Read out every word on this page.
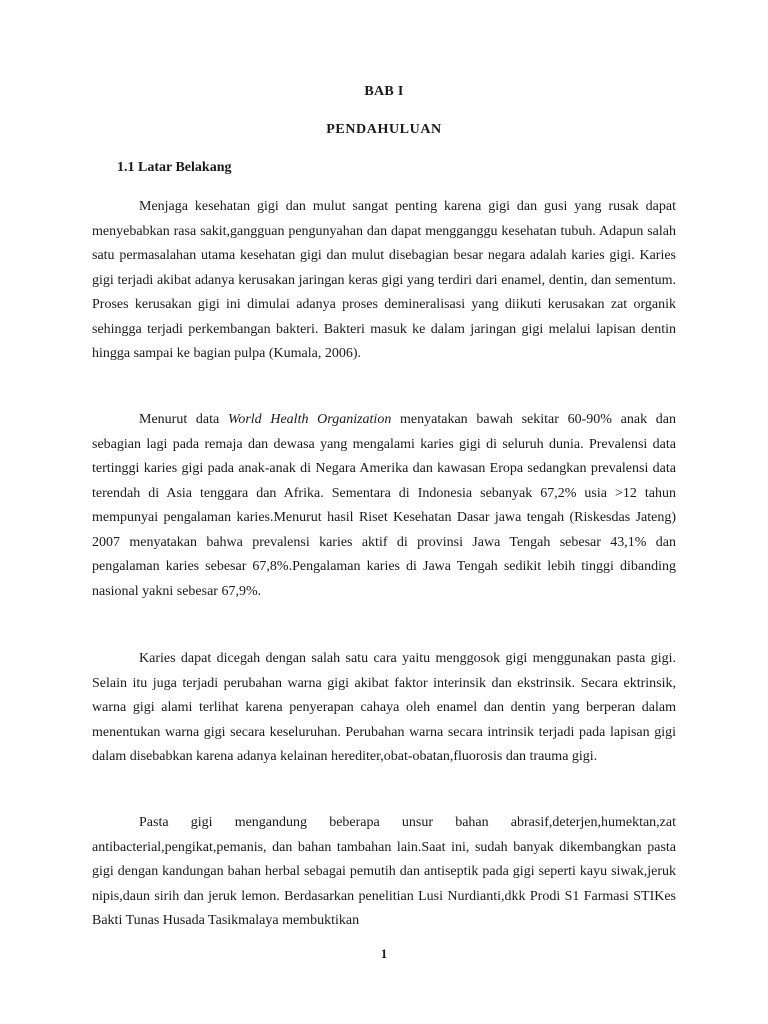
BAB I
PENDAHULUAN
1.1 Latar Belakang

Menjaga kesehatan gigi dan mulut sangat penting karena gigi dan gusi yang rusak dapat menyebabkan rasa sakit,gangguan pengunyahan dan dapat mengganggu kesehatan tubuh. Adapun salah satu permasalahan utama kesehatan gigi dan mulut disebagian besar negara adalah karies gigi. Karies gigi terjadi akibat adanya kerusakan jaringan keras gigi yang terdiri dari enamel, dentin, dan sementum. Proses kerusakan gigi ini dimulai adanya proses demineralisasi yang diikuti kerusakan zat organik sehingga terjadi perkembangan bakteri. Bakteri masuk ke dalam jaringan gigi melalui lapisan dentin hingga sampai ke bagian pulpa (Kumala, 2006).

Menurut data World Health Organization menyatakan bawah sekitar 60-90% anak dan sebagian lagi pada remaja dan dewasa yang mengalami karies gigi di seluruh dunia. Prevalensi data tertinggi karies gigi pada anak-anak di Negara Amerika dan kawasan Eropa sedangkan prevalensi data terendah di Asia tenggara dan Afrika. Sementara di Indonesia sebanyak 67,2% usia >12 tahun mempunyai pengalaman karies.Menurut hasil Riset Kesehatan Dasar jawa tengah (Riskesdas Jateng) 2007 menyatakan bahwa prevalensi karies aktif di provinsi Jawa Tengah sebesar 43,1% dan pengalaman karies sebesar 67,8%.Pengalaman karies di Jawa Tengah sedikit lebih tinggi dibanding nasional yakni sebesar 67,9%.

Karies dapat dicegah dengan salah satu cara yaitu menggosok gigi menggunakan pasta gigi. Selain itu juga terjadi perubahan warna gigi akibat faktor interinsik dan ekstrinsik. Secara ektrinsik, warna gigi alami terlihat karena penyerapan cahaya oleh enamel dan dentin yang berperan dalam menentukan warna gigi secara keseluruhan. Perubahan warna secara intrinsik terjadi pada lapisan gigi dalam disebabkan karena adanya kelainan herediter,obat-obatan,fluorosis dan trauma gigi.

Pasta gigi mengandung beberapa unsur bahan abrasif,deterjen,humektan,zat antibacterial,pengikat,pemanis, dan bahan tambahan lain.Saat ini, sudah banyak dikembangkan pasta gigi dengan kandungan bahan herbal sebagai pemutih dan antiseptik pada gigi seperti kayu siwak,jeruk nipis,daun sirih dan jeruk lemon. Berdasarkan penelitian Lusi Nurdianti,dkk Prodi S1 Farmasi STIKes Bakti Tunas Husada Tasikmalaya membuktikan

1
